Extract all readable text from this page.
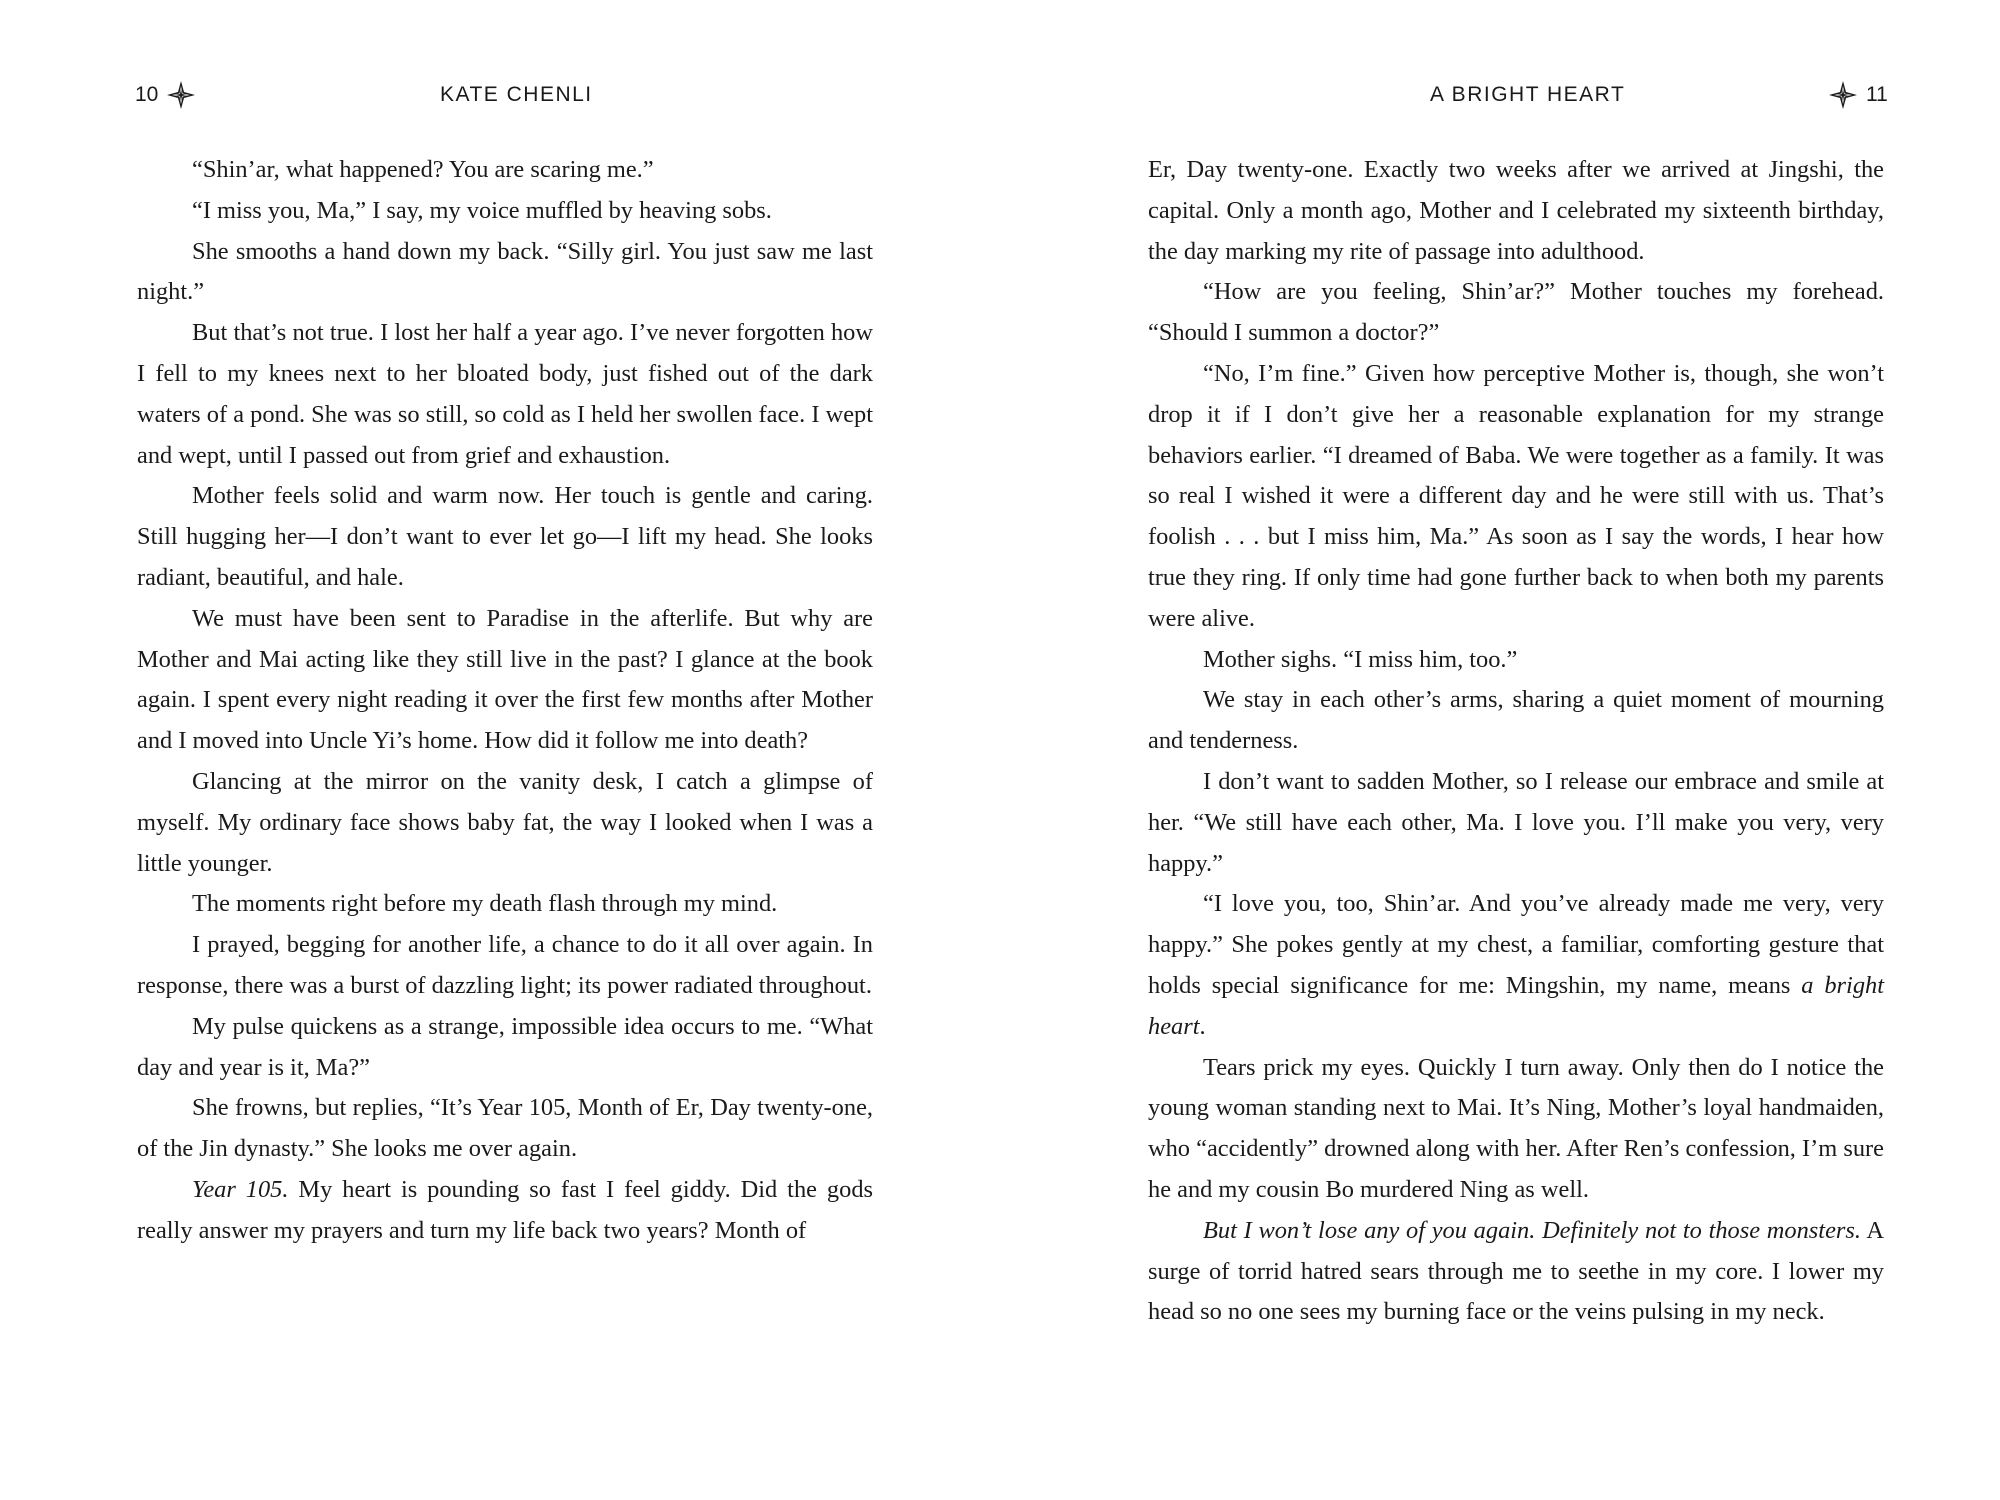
10	KATE CHENLI

“Shin’ar, what happened? You are scaring me.”

“I miss you, Ma,” I say, my voice muffled by heaving sobs.

She smooths a hand down my back. “Silly girl. You just saw me last night.”

But that’s not true. I lost her half a year ago. I’ve never forgotten how I fell to my knees next to her bloated body, just fished out of the dark waters of a pond. She was so still, so cold as I held her swollen face. I wept and wept, until I passed out from grief and exhaustion.

Mother feels solid and warm now. Her touch is gentle and caring. Still hugging her—I don’t want to ever let go—I lift my head. She looks radiant, beautiful, and hale.

We must have been sent to Paradise in the afterlife. But why are Mother and Mai acting like they still live in the past? I glance at the book again. I spent every night reading it over the first few months after Mother and I moved into Uncle Yi’s home. How did it follow me into death?

Glancing at the mirror on the vanity desk, I catch a glimpse of myself. My ordinary face shows baby fat, the way I looked when I was a little younger.

The moments right before my death flash through my mind.

I prayed, begging for another life, a chance to do it all over again. In response, there was a burst of dazzling light; its power radiated throughout.

My pulse quickens as a strange, impossible idea occurs to me. “What day and year is it, Ma?”

She frowns, but replies, “It’s Year 105, Month of Er, Day twenty-one, of the Jin dynasty.” She looks me over again.

Year 105. My heart is pounding so fast I feel giddy. Did the gods really answer my prayers and turn my life back two years? Month of

A BRIGHT HEART	11

Er, Day twenty-one. Exactly two weeks after we arrived at Jingshi, the capital. Only a month ago, Mother and I celebrated my sixteenth birthday, the day marking my rite of passage into adulthood.

“How are you feeling, Shin’ar?” Mother touches my forehead. “Should I summon a doctor?”

“No, I’m fine.” Given how perceptive Mother is, though, she won’t drop it if I don’t give her a reasonable explanation for my strange behaviors earlier. “I dreamed of Baba. We were together as a family. It was so real I wished it were a different day and he were still with us. That’s foolish . . . but I miss him, Ma.” As soon as I say the words, I hear how true they ring. If only time had gone further back to when both my parents were alive.

Mother sighs. “I miss him, too.”

We stay in each other’s arms, sharing a quiet moment of mourning and tenderness.

I don’t want to sadden Mother, so I release our embrace and smile at her. “We still have each other, Ma. I love you. I’ll make you very, very happy.”

“I love you, too, Shin’ar. And you’ve already made me very, very happy.” She pokes gently at my chest, a familiar, comforting gesture that holds special significance for me: Mingshin, my name, means a bright heart.

Tears prick my eyes. Quickly I turn away. Only then do I notice the young woman standing next to Mai. It’s Ning, Mother’s loyal handmaiden, who “accidently” drowned along with her. After Ren’s confession, I’m sure he and my cousin Bo murdered Ning as well.

But I won’t lose any of you again. Definitely not to those monsters. A surge of torrid hatred sears through me to seethe in my core. I lower my head so no one sees my burning face or the veins pulsing in my neck.
